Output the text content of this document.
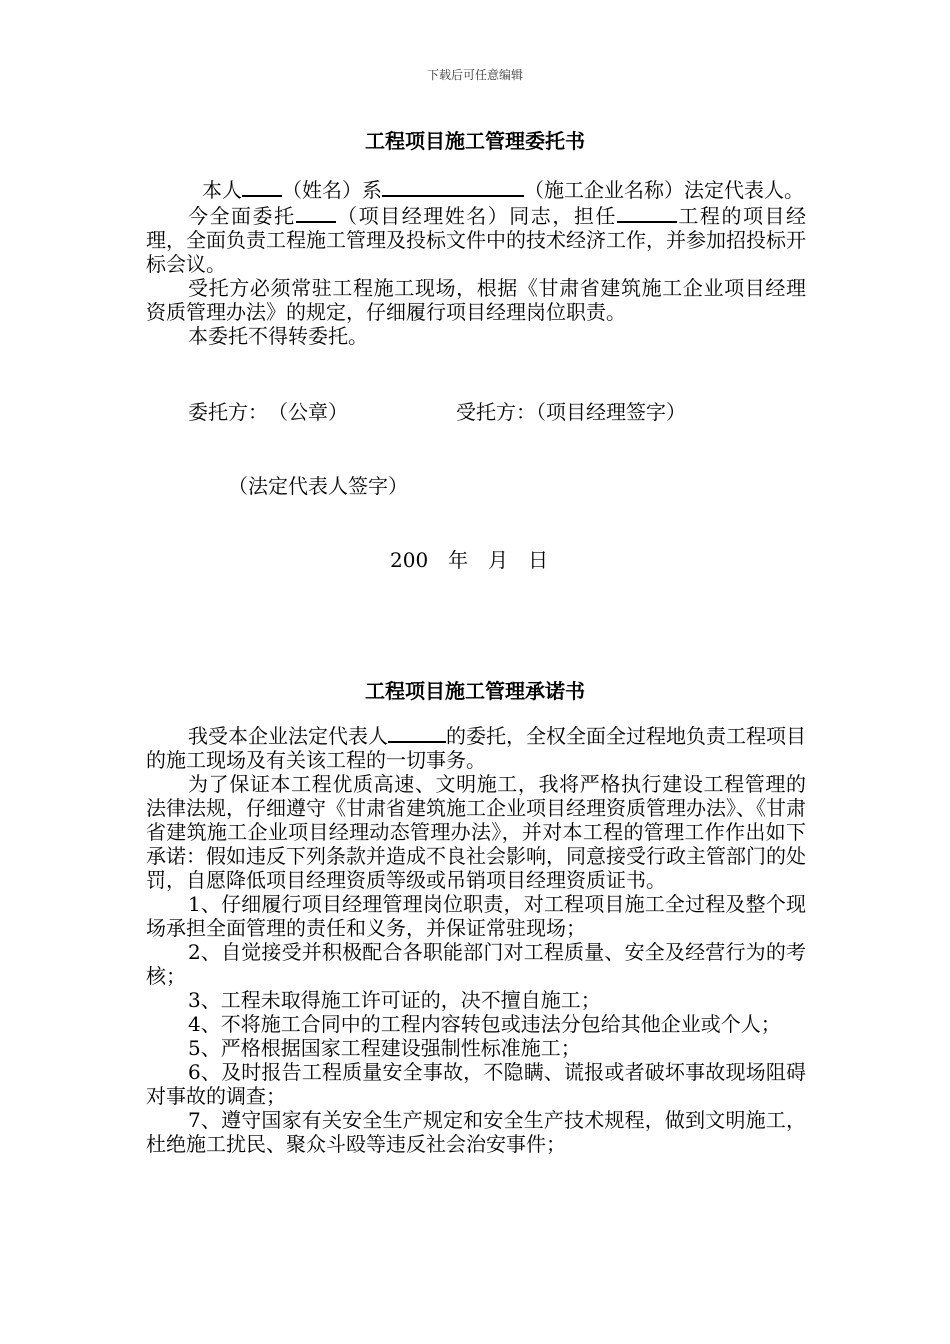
下载后可任意编辑
工程项目施工管理委托书

本人 （姓名）系	（施工企业名称）法定代表人。

今全面委托 （项目经理姓名）同志，担任	工程的项目经理，全面负责工程施工管理及投标文件中的技术经济工作，并参加招投标开标会议。

受托方必须常驻工程施工现场，根据《甘肃省建筑施工企业项目经理资质管理办法》的规定，仔细履行项目经理岗位职责。

本委托不得转委托。

委托方：　（公章）	受托方：（项目经理签字）
（法定代表人签字）
200　年　月　日
工程项目施工管理承诺书

我受本企业法定代表人	的委托，全权全面全过程地负责工程项目的施工现场及有关该工程的一切事务。

为了保证本工程优质高速、文明施工，我将严格执行建设工程管理的法律法规，仔细遵守《甘肃省建筑施工企业项目经理资质管理办法》、《甘肃省建筑施工企业项目经理动态管理办法》，并对本工程的管理工作作出如下承诺：假如违反下列条款并造成不良社会影响，同意接受行政主管部门的处罚，自愿降低项目经理资质等级或吊销项目经理资质证书。

1、仔细履行项目经理管理岗位职责，对工程项目施工全过程及整个现场承担全面管理的责任和义务，并保证常驻现场；

2、自觉接受并积极配合各职能部门对工程质量、安全及经营行为的考核；

3、工程未取得施工许可证的，决不擅自施工；

4、不将施工合同中的工程内容转包或违法分包给其他企业或个人；

5、严格根据国家工程建设强制性标准施工；

6、及时报告工程质量安全事故，不隐瞒、谎报或者破坏事故现场阻碍对事故的调查；

7、遵守国家有关安全生产规定和安全生产技术规程，做到文明施工，杜绝施工扰民、聚众斗殴等违反社会治安事件；
